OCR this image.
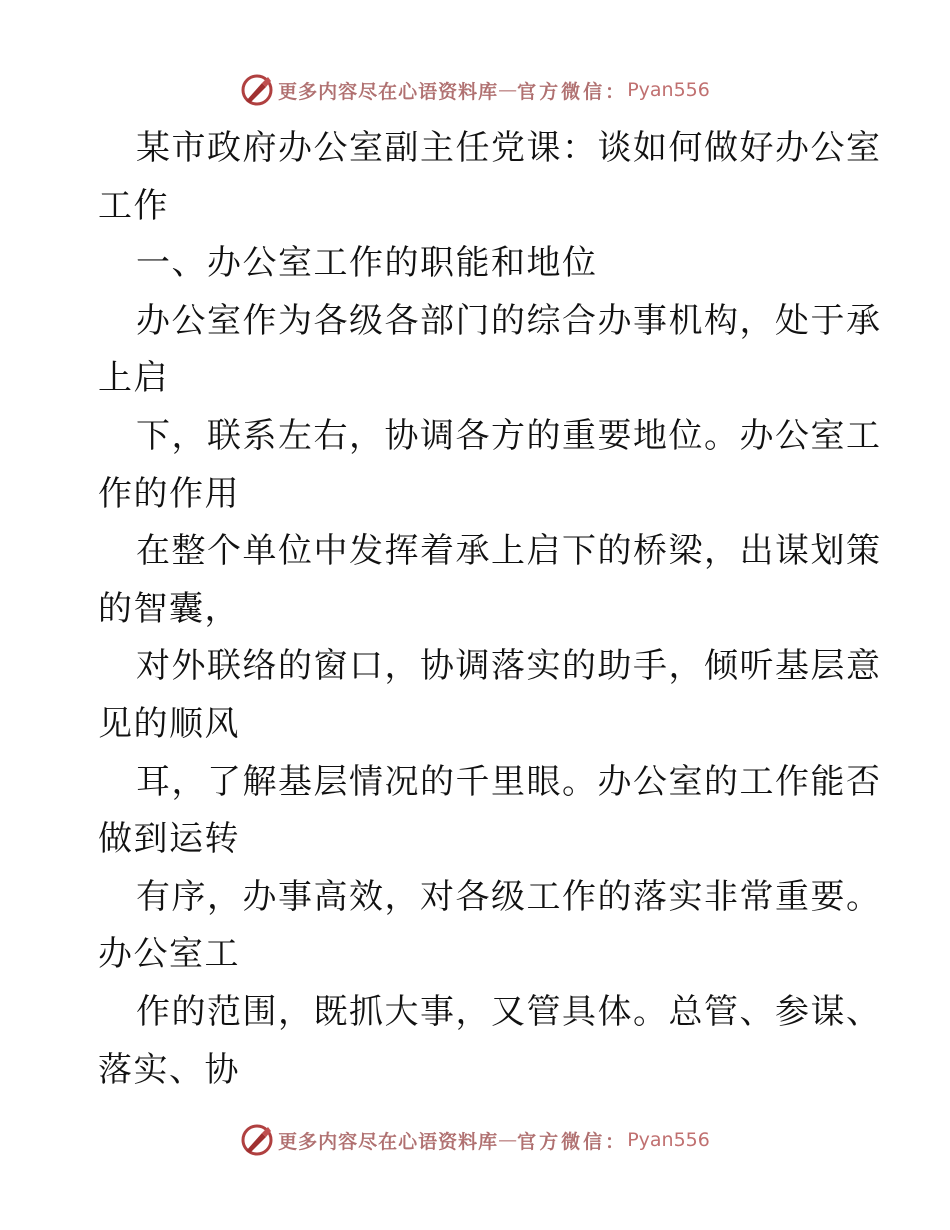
更多内容尽在心语资料库 — 官方微信： Pyan556
某市政府办公室副主任党课：谈如何做好办公室
工作
一、办公室工作的职能和地位
办公室作为各级各部门的综合办事机构，处于承
上启
下，联系左右，协调各方的重要地位。办公室工
作的作用
在整个单位中发挥着承上启下的桥梁，出谋划策
的智囊，
对外联络的窗口，协调落实的助手，倾听基层意
见的顺风
耳，了解基层情况的千里眼。办公室的工作能否
做到运转
有序，办事高效，对各级工作的落实非常重要。
办公室工
作的范围，既抓大事，又管具体。总管、参谋、
落实、协
更多内容尽在心语资料库 — 官方微信： Pyan556
